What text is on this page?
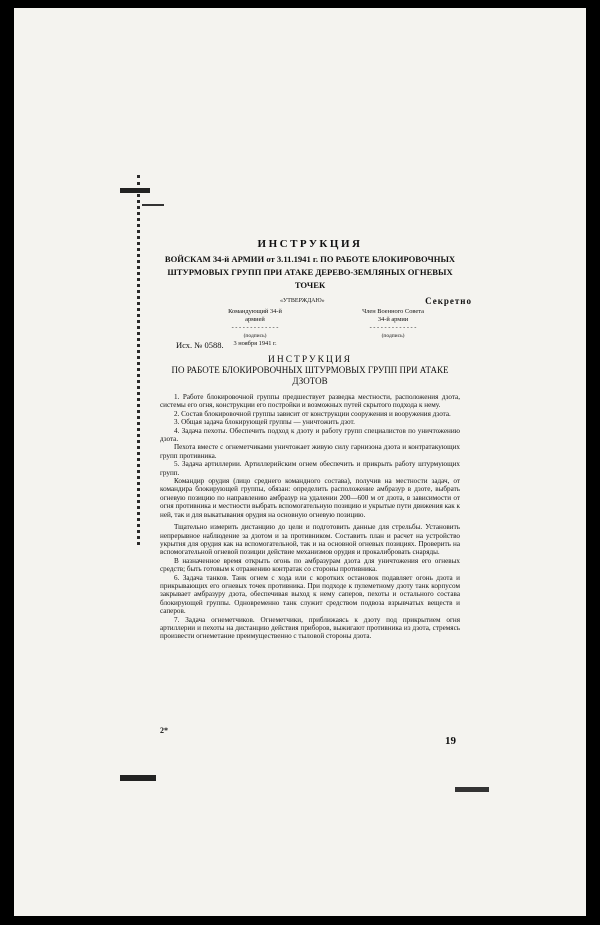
ИНСТРУКЦИЯ
ВОЙСКАМ 34-й АРМИИ от 3.11.1941 г. ПО РАБОТЕ БЛОКИРОВОЧНЫХ ШТУРМОВЫХ ГРУПП ПРИ АТАКЕ ДЕРЕВО-ЗЕМЛЯНЫХ ОГНЕВЫХ ТОЧЕК
«УТВЕРЖДАЮ»	Секретно
Командующий 34-й
армией
- - - - - - - - - - - - -
(подпись)
3 ноября 1941 г.
Член Военного Совета
34-й армии
- - - - - - - - - - - - -
(подпись)
Исх. № 0588.
ИНСТРУКЦИЯ
ПО РАБОТЕ БЛОКИРОВОЧНЫХ ШТУРМОВЫХ ГРУПП ПРИ АТАКЕ ДЗОТОВ

1. Работе блокировочной группы предшествует разведка местности, расположения дзота, системы его огня, конструкции его постройки и возможных путей скрытого подхода к нему.

2. Состав блокировочной группы зависит от конструкции сооружения и вооружения дзота.

3. Общая задача блокирующей группы — уничтожить дзот.

4. Задача пехоты. Обеспечить подход к дзоту и работу групп специалистов по уничтожению дзота.

Пехота вместе с огнеметчиками уничтожает живую силу гарнизона дзота и контратакующих групп противника.

5. Задача артиллерии. Артиллерийским огнем обеспечить и прикрыть работу штурмующих групп.

Командир орудия (лицо среднего командного состава), получив на местности задач, от командира блокирующей группы, обязан: определить расположение амбразур в дзоте, выбрать огневую позицию по направлению амбразур на удалении 200—600 м от дзота, в зависимости от огня противника и местности выбрать вспомогательную позицию и укрытые пути движения как к ней, так и для выкатывания орудия на основную огневую позицию.

Тщательно измерить дистанцию до цели и подготовить данные для стрельбы. Установить непрерывное наблюдение за дзотом и за противником. Составить план и расчет на устройство укрытия для орудия как на вспомогательной, так и на основной огневых позициях. Проверить на вспомогательной огневой позиции действие механизмов орудия и прокалибровать снаряды.

В назначенное время открыть огонь по амбразурам дзота для уничтожения его огневых средств; быть готовым к отражению контратак со стороны противника.

6. Задача танков. Танк огнем с хода или с коротких остановок подавляет огонь дзота и прикрывающих его огневых точек противника. При подходе к пулеметному дзоту танк корпусом закрывает амбразуру дзота, обеспечивая выход к нему саперов, пехоты и остального состава блокирующей группы. Одновременно танк служит средством подвоза взрывчатых веществ и саперов.

7. Задача огнеметчиков. Огнеметчики, приближаясь к дзоту под прикрытием огня артиллерии и пехоты на дистанцию действия приборов, выжигают противника из дзота, стремясь произвести огнеметание преимущественно с тыловой стороны дзота.

2*
19
